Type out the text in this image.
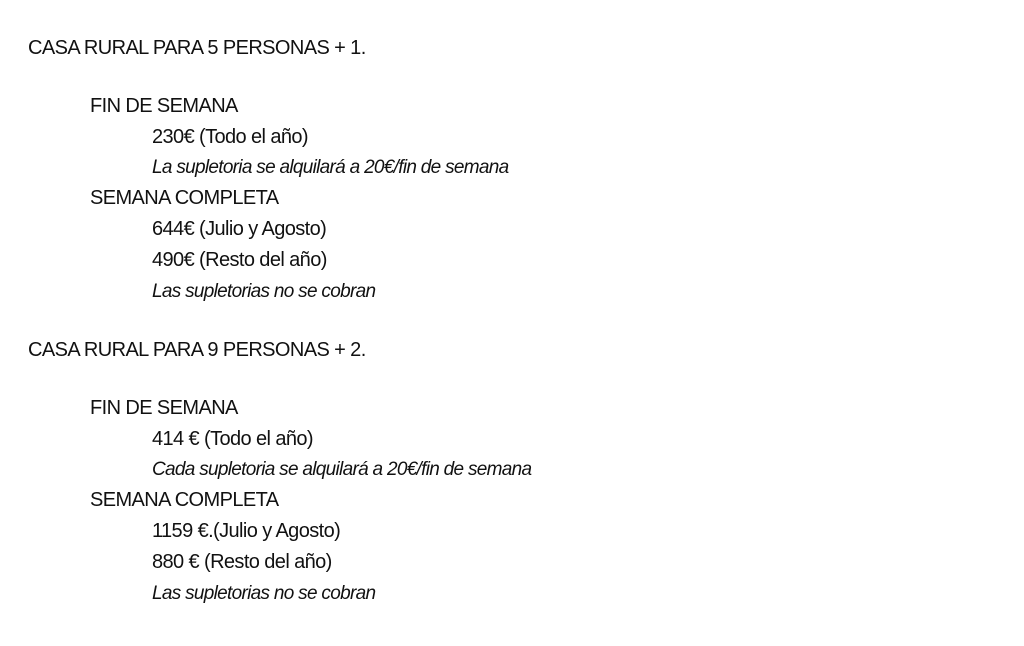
CASA RURAL PARA 5 PERSONAS + 1.
FIN DE SEMANA
230€ (Todo el año)
La supletoria se alquilará a 20€/fin de semana
SEMANA COMPLETA
644€ (Julio y Agosto)
490€ (Resto del año)
Las supletorias no se cobran
CASA RURAL PARA 9 PERSONAS + 2.
FIN DE SEMANA
414 € (Todo el año)
Cada supletoria se alquilará a 20€/fin de semana
SEMANA COMPLETA
1159 €.(Julio y Agosto)
880 € (Resto del año)
Las supletorias no se cobran
